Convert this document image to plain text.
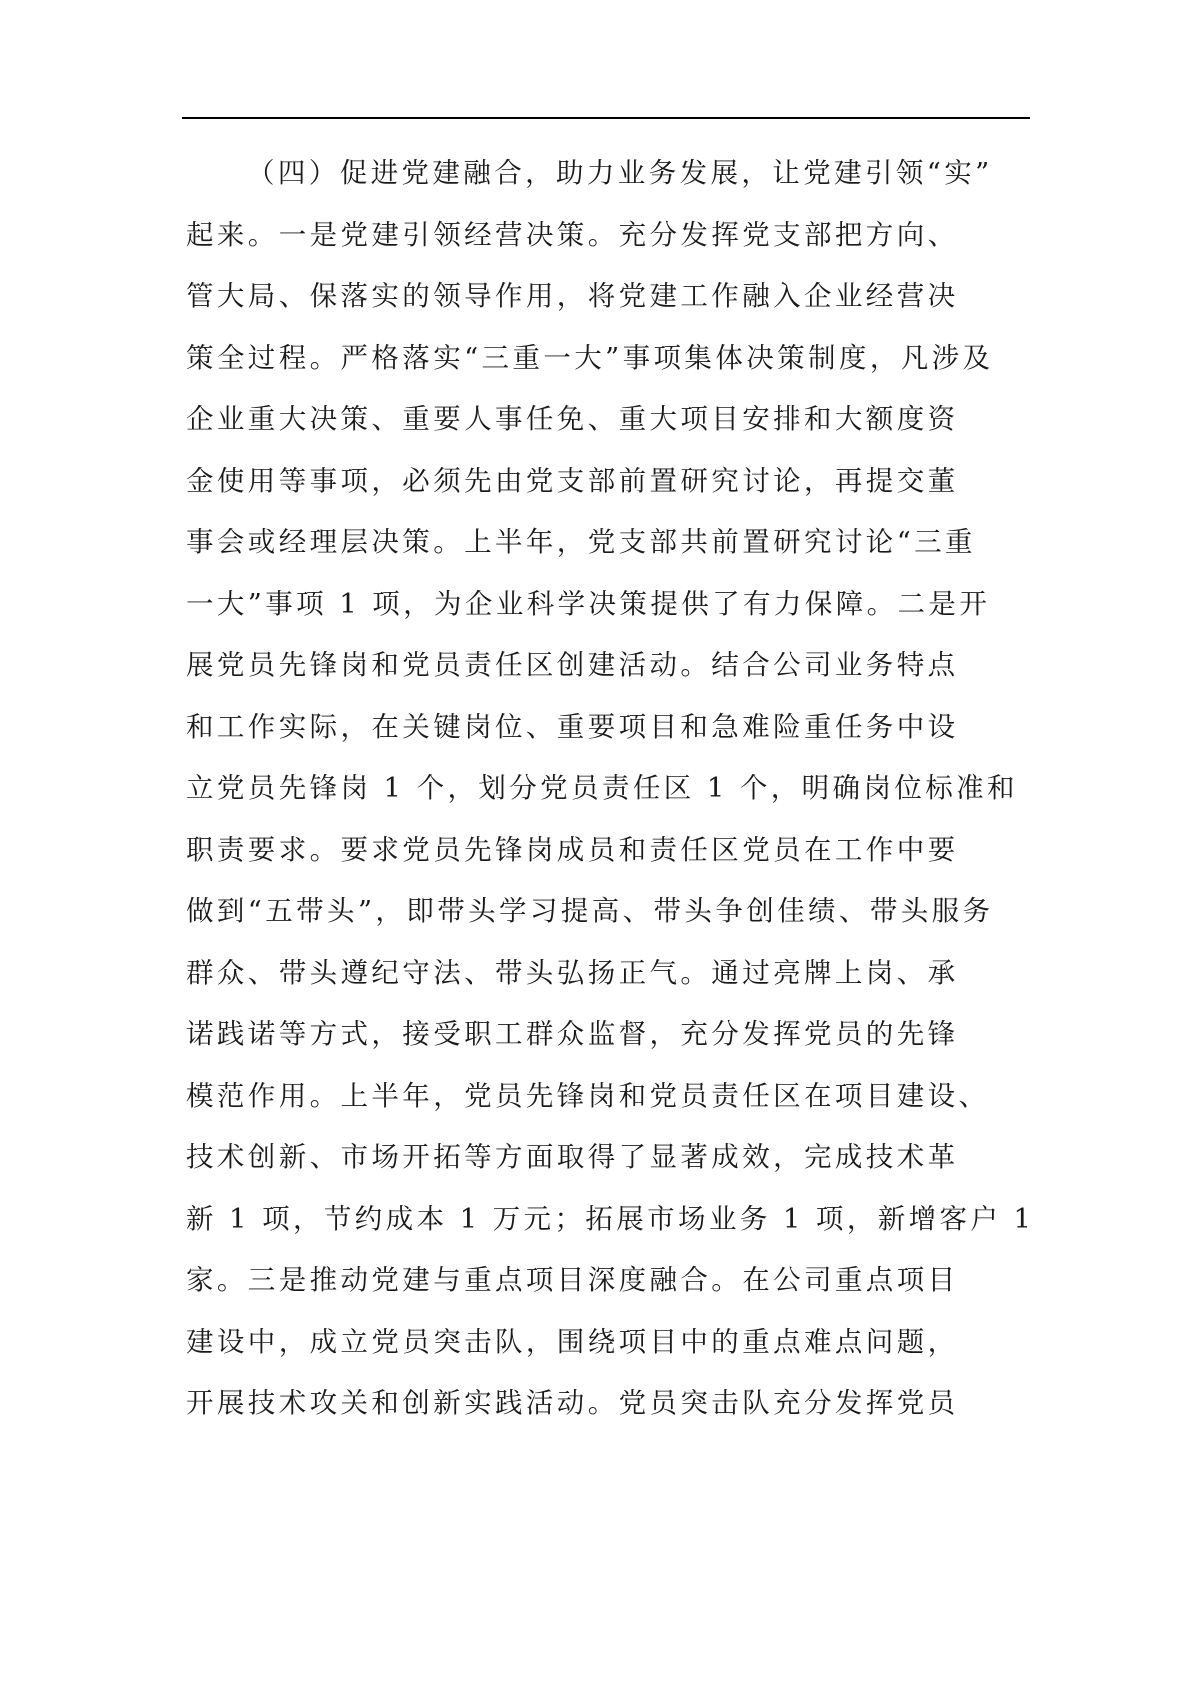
（四）促进党建融合，助力业务发展，让党建引领“实”
起来。一是党建引领经营决策。充分发挥党支部把方向、
管大局、保落实的领导作用，将党建工作融入企业经营决
策全过程。严格落实“三重一大”事项集体决策制度，凡涉及
企业重大决策、重要人事任免、重大项目安排和大额度资
金使用等事项，必须先由党支部前置研究讨论，再提交董
事会或经理层决策。上半年，党支部共前置研究讨论“三重
一大”事项 1 项，为企业科学决策提供了有力保障。二是开
展党员先锋岗和党员责任区创建活动。结合公司业务特点
和工作实际，在关键岗位、重要项目和急难险重任务中设
立党员先锋岗 1 个，划分党员责任区 1 个，明确岗位标准和
职责要求。要求党员先锋岗成员和责任区党员在工作中要
做到“五带头”，即带头学习提高、带头争创佳绩、带头服务
群众、带头遵纪守法、带头弘扬正气。通过亮牌上岗、承
诺践诺等方式，接受职工群众监督，充分发挥党员的先锋
模范作用。上半年，党员先锋岗和党员责任区在项目建设、
技术创新、市场开拓等方面取得了显著成效，完成技术革
新 1 项，节约成本 1 万元；拓展市场业务 1 项，新增客户 1
家。三是推动党建与重点项目深度融合。在公司重点项目
建设中，成立党员突击队，围绕项目中的重点难点问题，
开展技术攻关和创新实践活动。党员突击队充分发挥党员
